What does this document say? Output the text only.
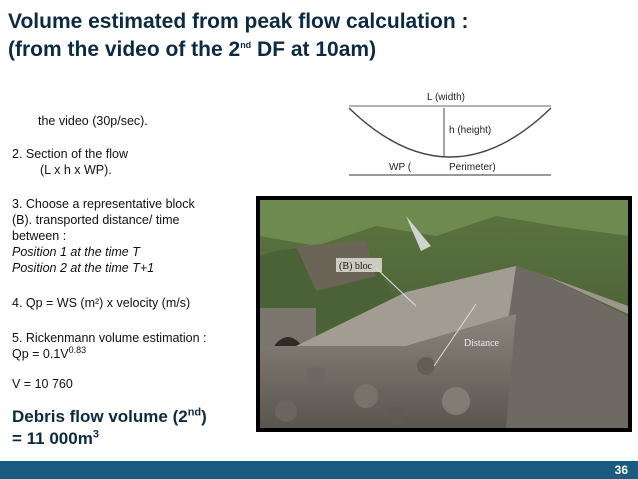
Volume estimated from peak flow calculation :
(from the video of the 2nd DF at 10am)
the video (30p/sec).
2. Section of the flow
(L x h x WP).
3. Choose a representative block
(B). transported distance/ time
between :
Position 1 at the time T
Position 2 at the time T+1
4. Qp = WS (m²) x velocity (m/s)
5. Rickenmann volume estimation :
$Qp = 0.1V^{0.83}$
V = 10 760
Debris flow volume (2nd)
= 11 $000m^3$
L (width)
h (height)
WP (	Perimeter)
(B) bloc
Distance
36
